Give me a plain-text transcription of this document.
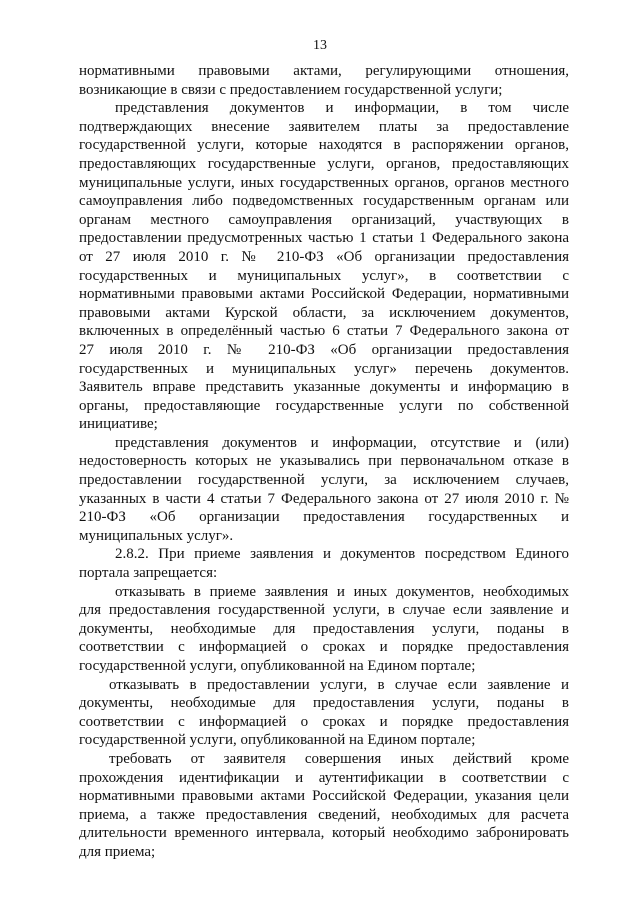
13
нормативными правовыми актами, регулирующими отношения,
возникающие в связи с предоставлением государственной услуги;
представления документов и информации, в том числе
подтверждающих внесение заявителем платы за предоставление
государственной услуги, которые находятся в распоряжении органов,
предоставляющих государственные услуги, органов, предоставляющих
муниципальные услуги, иных государственных органов, органов местного
самоуправления либо подведомственных государственным органам или
органам местного самоуправления организаций, участвующих в
предоставлении предусмотренных частью 1 статьи 1 Федерального закона
от 27 июля 2010 г. № 210-ФЗ «Об организации предоставления
государственных и муниципальных услуг», в соответствии с
нормативными правовыми актами Российской Федерации, нормативными
правовыми актами Курской области, за исключением документов,
включенных в определённый частью 6 статьи 7 Федерального закона от
27 июля 2010 г. № 210-ФЗ «Об организации предоставления
государственных и муниципальных услуг» перечень документов.
Заявитель вправе представить указанные документы и информацию в
органы, предоставляющие государственные услуги по собственной
инициативе;
представления документов и информации, отсутствие и (или)
недостоверность которых не указывались при первоначальном отказе в
предоставлении государственной услуги, за исключением случаев,
указанных в части 4 статьи 7 Федерального закона от 27 июля 2010 г. №
210-ФЗ «Об организации предоставления государственных и
муниципальных услуг».
2.8.2. При приеме заявления и документов посредством Единого
портала запрещается:
отказывать в приеме заявления и иных документов, необходимых
для предоставления государственной услуги, в случае если заявление и
документы, необходимые для предоставления услуги, поданы в
соответствии с информацией о сроках и порядке предоставления
государственной услуги, опубликованной на Едином портале;
отказывать в предоставлении услуги, в случае если заявление и
документы, необходимые для предоставления услуги, поданы в
соответствии с информацией о сроках и порядке предоставления
государственной услуги, опубликованной на Едином портале;
требовать от заявителя совершения иных действий кроме
прохождения идентификации и аутентификации в соответствии с
нормативными правовыми актами Российской Федерации, указания цели
приема, а также предоставления сведений, необходимых для расчета
длительности временного интервала, который необходимо забронировать
для приема;
